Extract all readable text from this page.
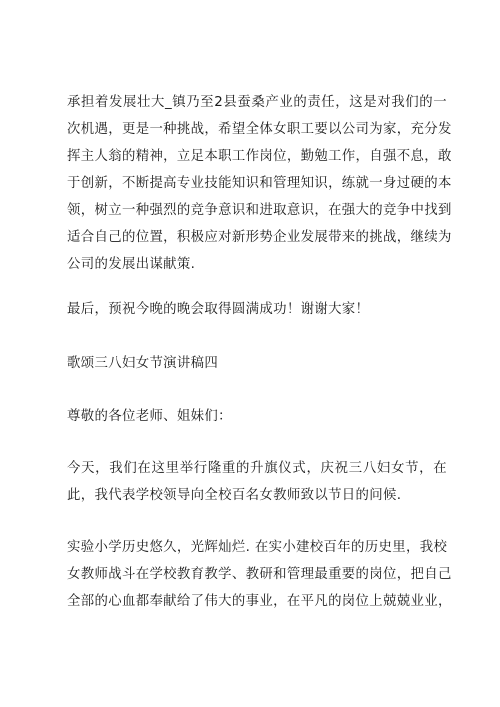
承担着发展壮大_镇乃至2县蚕桑产业的责任，这是对我们的一
次机遇，更是一种挑战，希望全体女职工要以公司为家，充分发
挥主人翁的精神，立足本职工作岗位，勤勉工作，自强不息，敢
于创新，不断提高专业技能知识和管理知识，练就一身过硬的本
领，树立一种强烈的竞争意识和进取意识，在强大的竞争中找到
适合自己的位置，积极应对新形势企业发展带来的挑战，继续为
公司的发展出谋献策.
最后，预祝今晚的晚会取得圆满成功！谢谢大家！
歌颂三八妇女节演讲稿四
尊敬的各位老师、姐妹们：
今天，我们在这里举行隆重的升旗仪式，庆祝三八妇女节，在
此，我代表学校领导向全校百名女教师致以节日的问候.
实验小学历史悠久，光辉灿烂. 在实小建校百年的历史里，我校
女教师战斗在学校教育教学、教研和管理最重要的岗位，把自己
全部的心血都奉献给了伟大的事业，在平凡的岗位上兢兢业业，
